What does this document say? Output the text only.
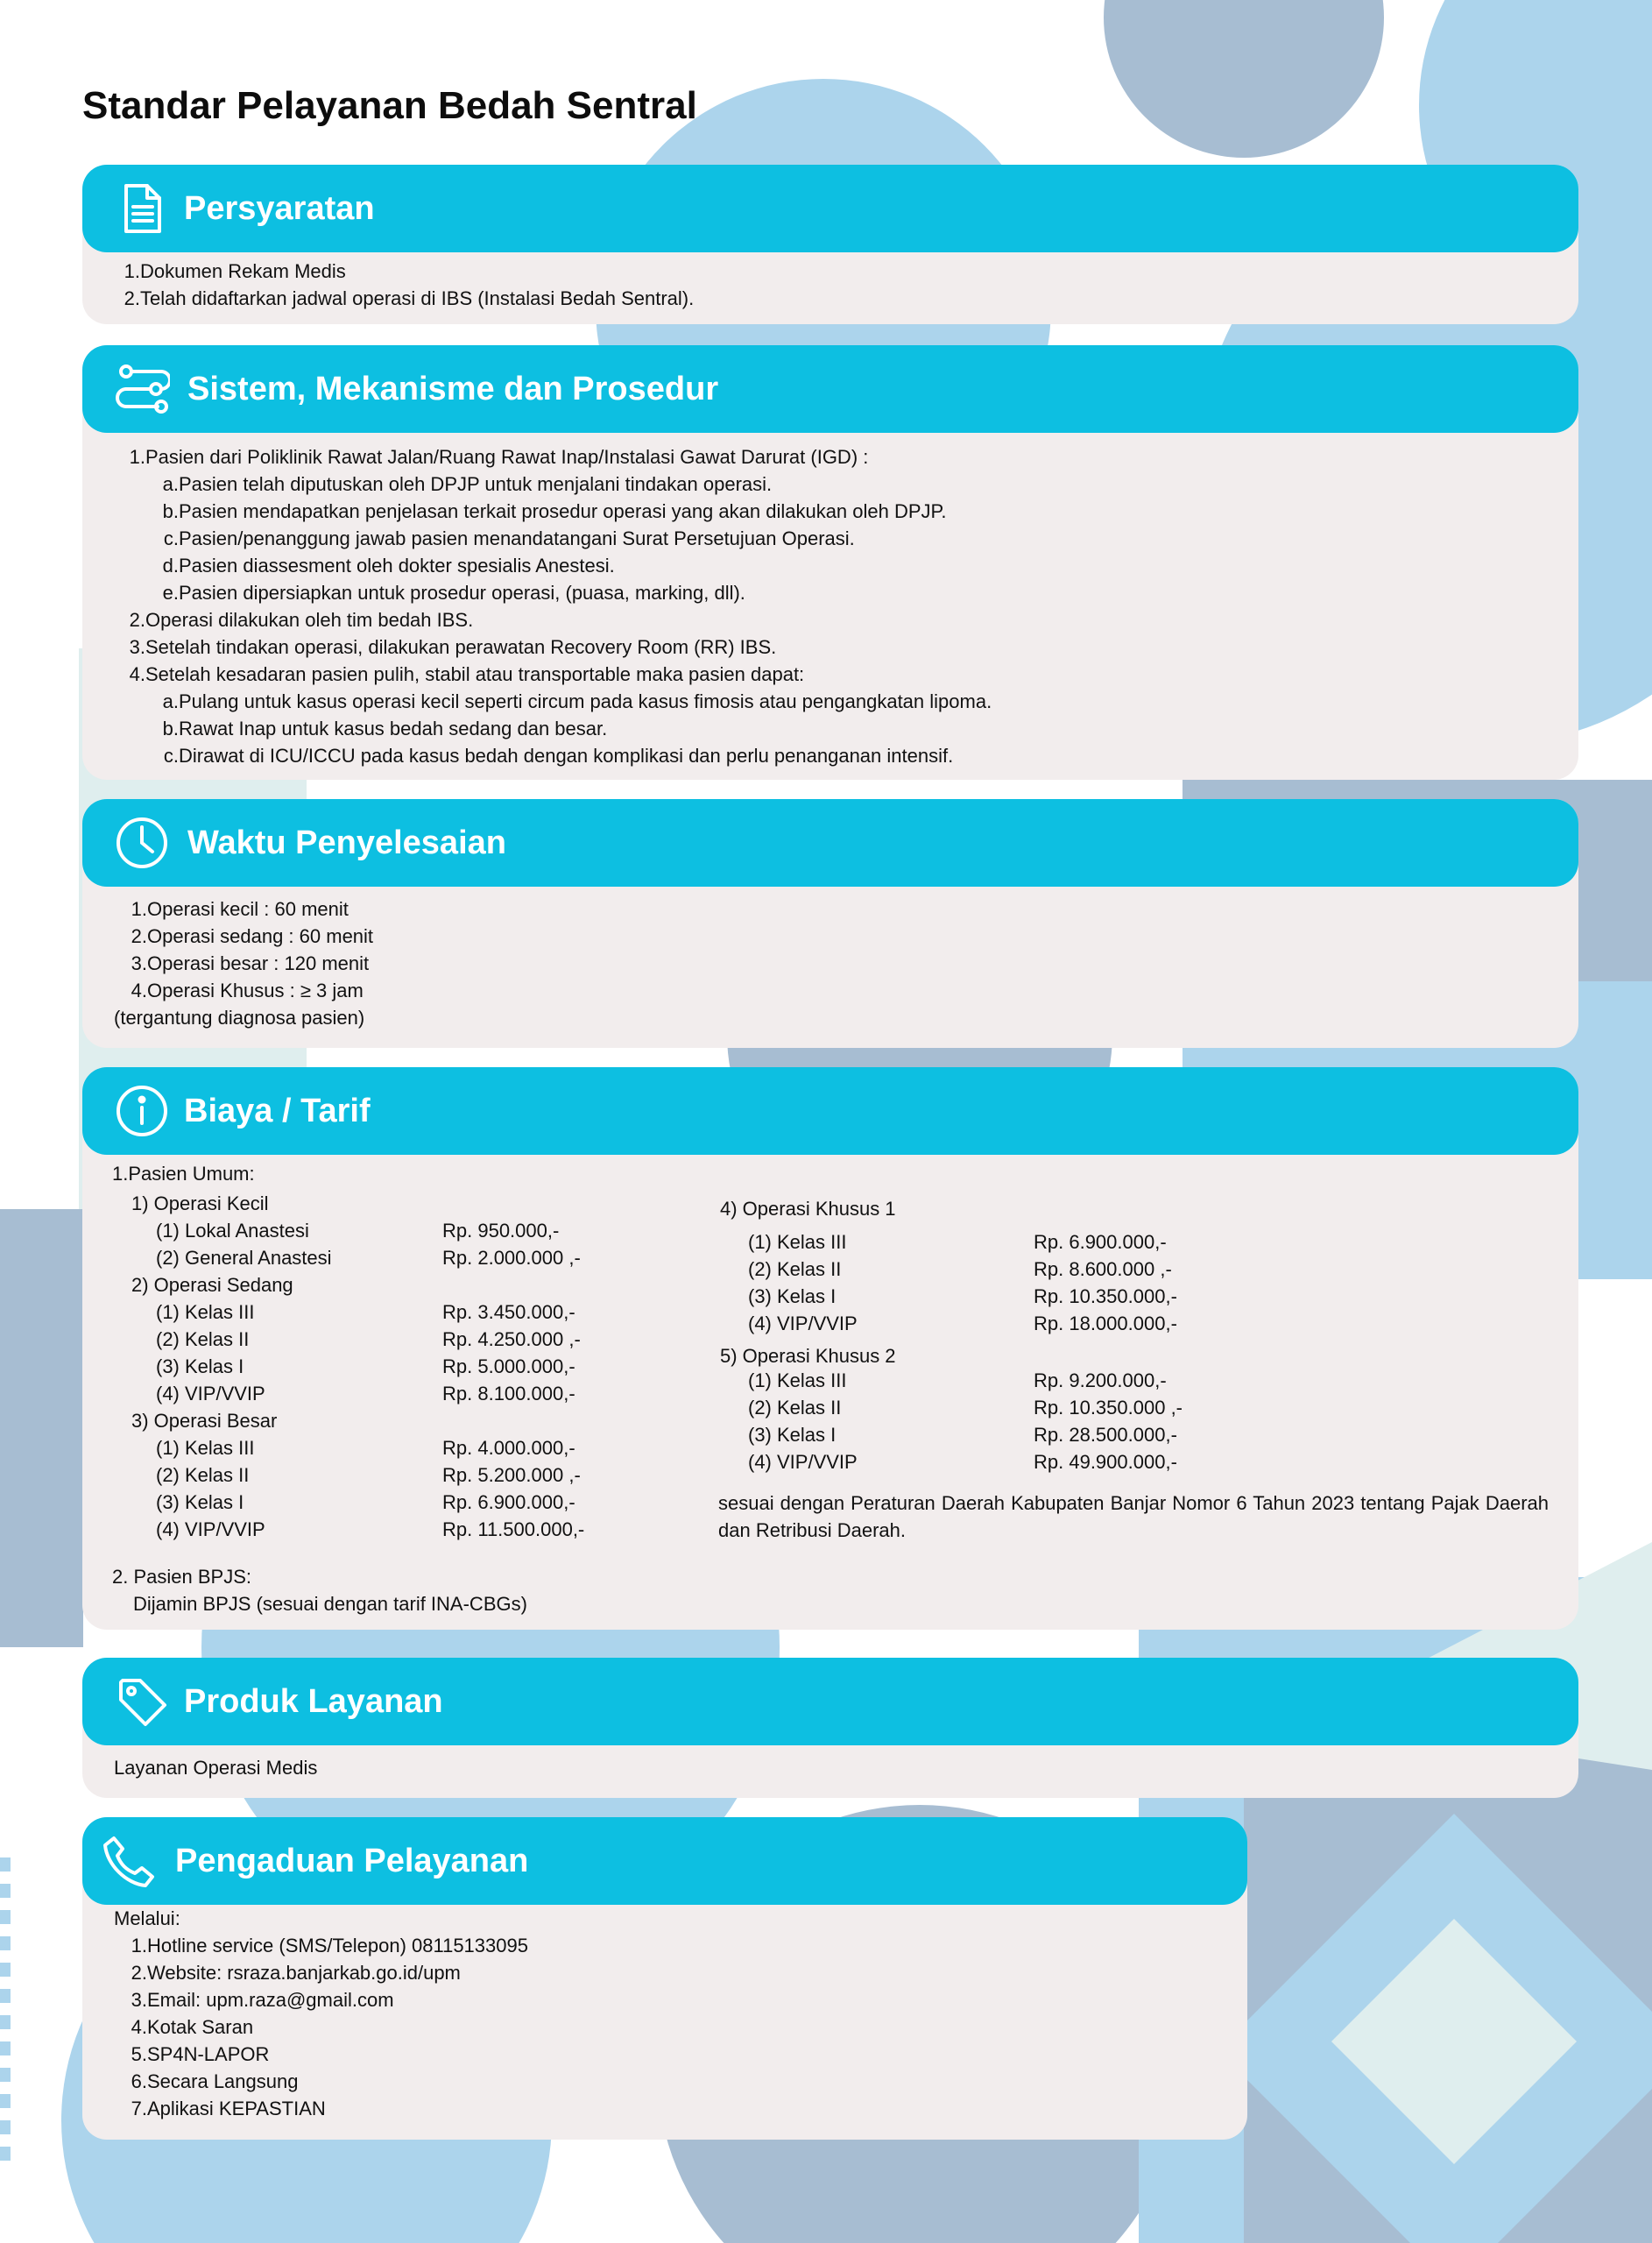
Standar Pelayanan Bedah Sentral
Persyaratan
1.Dokumen Rekam Medis
2.Telah didaftarkan jadwal operasi di IBS (Instalasi Bedah Sentral).
Sistem, Mekanisme dan Prosedur
1.Pasien dari Poliklinik Rawat Jalan/Ruang Rawat Inap/Instalasi Gawat Darurat (IGD) :
a.Pasien telah diputuskan oleh DPJP untuk menjalani tindakan operasi.
b.Pasien mendapatkan penjelasan terkait prosedur operasi yang akan dilakukan oleh DPJP.
c.Pasien/penanggung jawab pasien menandatangani Surat Persetujuan Operasi.
d.Pasien diassesment oleh dokter spesialis Anestesi.
e.Pasien dipersiapkan untuk prosedur operasi, (puasa, marking, dll).
2.Operasi dilakukan oleh tim bedah IBS.
3.Setelah tindakan operasi, dilakukan perawatan Recovery Room (RR) IBS.
4.Setelah kesadaran pasien pulih, stabil atau transportable maka pasien dapat:
a.Pulang untuk kasus operasi kecil seperti circum pada kasus fimosis atau pengangkatan lipoma.
b.Rawat Inap untuk kasus bedah sedang dan besar.
c.Dirawat di ICU/ICCU pada kasus bedah dengan komplikasi dan perlu penanganan intensif.
Waktu Penyelesaian
1.Operasi kecil : 60 menit
2.Operasi sedang : 60 menit
3.Operasi besar : 120 menit
4.Operasi Khusus : ≥ 3 jam
(tergantung diagnosa pasien)
Biaya / Tarif
1.Pasien Umum:
1) Operasi Kecil
(1) Lokal Anastesi	Rp. 950.000,-
(2) General Anastesi	Rp. 2.000.000 ,-
2) Operasi Sedang
(1) Kelas III	Rp. 3.450.000,-
(2) Kelas II	Rp. 4.250.000 ,-
(3) Kelas I	Rp. 5.000.000,-
(4) VIP/VVIP	Rp. 8.100.000,-
3) Operasi Besar
(1) Kelas III	Rp. 4.000.000,-
(2) Kelas II	Rp. 5.200.000 ,-
(3) Kelas I	Rp. 6.900.000,-
(4) VIP/VVIP	Rp. 11.500.000,-
4) Operasi Khusus 1
(1) Kelas III	Rp. 6.900.000,-
(2) Kelas II	Rp. 8.600.000 ,-
(3) Kelas I	Rp. 10.350.000,-
(4) VIP/VVIP	Rp. 18.000.000,-
5) Operasi Khusus 2
(1) Kelas III	Rp. 9.200.000,-
(2) Kelas II	Rp. 10.350.000 ,-
(3) Kelas I	Rp. 28.500.000,-
(4) VIP/VVIP	Rp. 49.900.000,-
sesuai dengan Peraturan Daerah Kabupaten Banjar Nomor 6 Tahun 2023 tentang Pajak Daerah dan Retribusi Daerah.
2. Pasien BPJS:
Dijamin BPJS (sesuai dengan tarif INA-CBGs)
Produk Layanan
Layanan Operasi Medis
Pengaduan Pelayanan
Melalui:
1.Hotline service (SMS/Telepon) 08115133095
2.Website: rsraza.banjarkab.go.id/upm
3.Email: upm.raza@gmail.com
4.Kotak Saran
5.SP4N-LAPOR
6.Secara Langsung
7.Aplikasi KEPASTIAN
